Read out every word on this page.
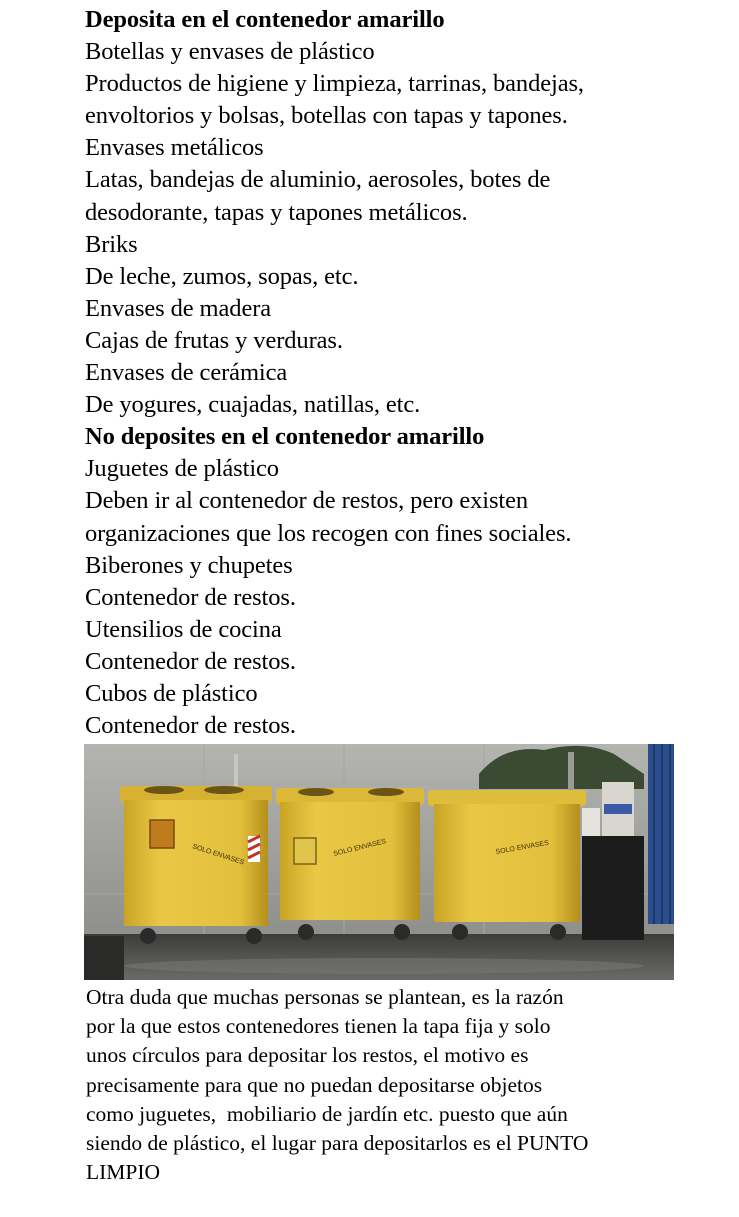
Deposita en el contenedor amarillo
Botellas y envases de plástico
Productos de higiene y limpieza, tarrinas, bandejas,
envoltorios y bolsas, botellas con tapas y tapones.
Envases metálicos
Latas, bandejas de aluminio, aerosoles, botes de
desodorante, tapas y tapones metálicos.
Briks
De leche, zumos, sopas, etc.
Envases de madera
Cajas de frutas y verduras.
Envases de cerámica
De yogures, cuajadas, natillas, etc.
No deposites en el contenedor amarillo
Juguetes de plástico
Deben ir al contenedor de restos, pero existen
organizaciones que los recogen con fines sociales.
Biberones y chupetes
Contenedor de restos.
Utensilios de cocina
Contenedor de restos.
Cubos de plástico
Contenedor de restos.
SOLO ENVASES	SOLO ENVASES	SOLO ENVASES
Otra duda que muchas personas se plantean, es la razón
por la que estos contenedores tienen la tapa fija y solo
unos círculos para depositar los restos, el motivo es
precisamente para que no puedan depositarse objetos
como juguetes,  mobiliario de jardín etc. puesto que aún
siendo de plástico, el lugar para depositarlos es el PUNTO
LIMPIO
